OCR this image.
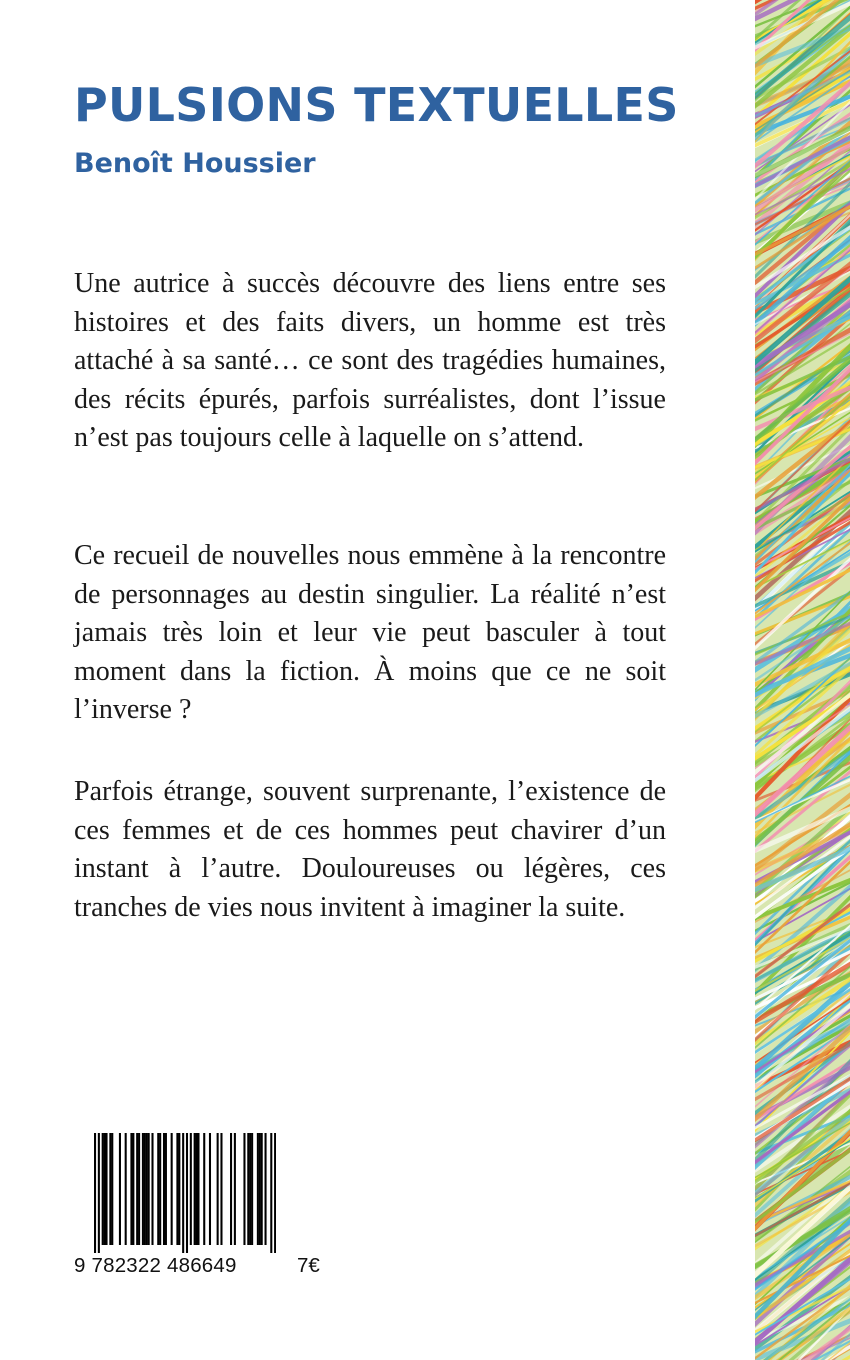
PULSIONS TEXTUELLES
Benoît Houssier

Une autrice à succès découvre des liens entre ses histoires et des faits divers, un homme est très attaché à sa santé… ce sont des tragédies humaines, des récits épurés, parfois surréalistes, dont l’issue n’est pas toujours celle à laquelle on s’attend.

Ce recueil de nouvelles nous emmène à la rencontre de personnages au destin singulier. La réalité n’est jamais très loin et leur vie peut basculer à tout moment dans la fiction. À moins que ce ne soit l’inverse ?

Parfois étrange, souvent surprenante, l’existence de ces femmes et de ces hommes peut chavirer d’un instant à l’autre. Douloureuses ou légères, ces tranches de vies nous invitent à imaginer la suite.

9 782322 486649	7€
